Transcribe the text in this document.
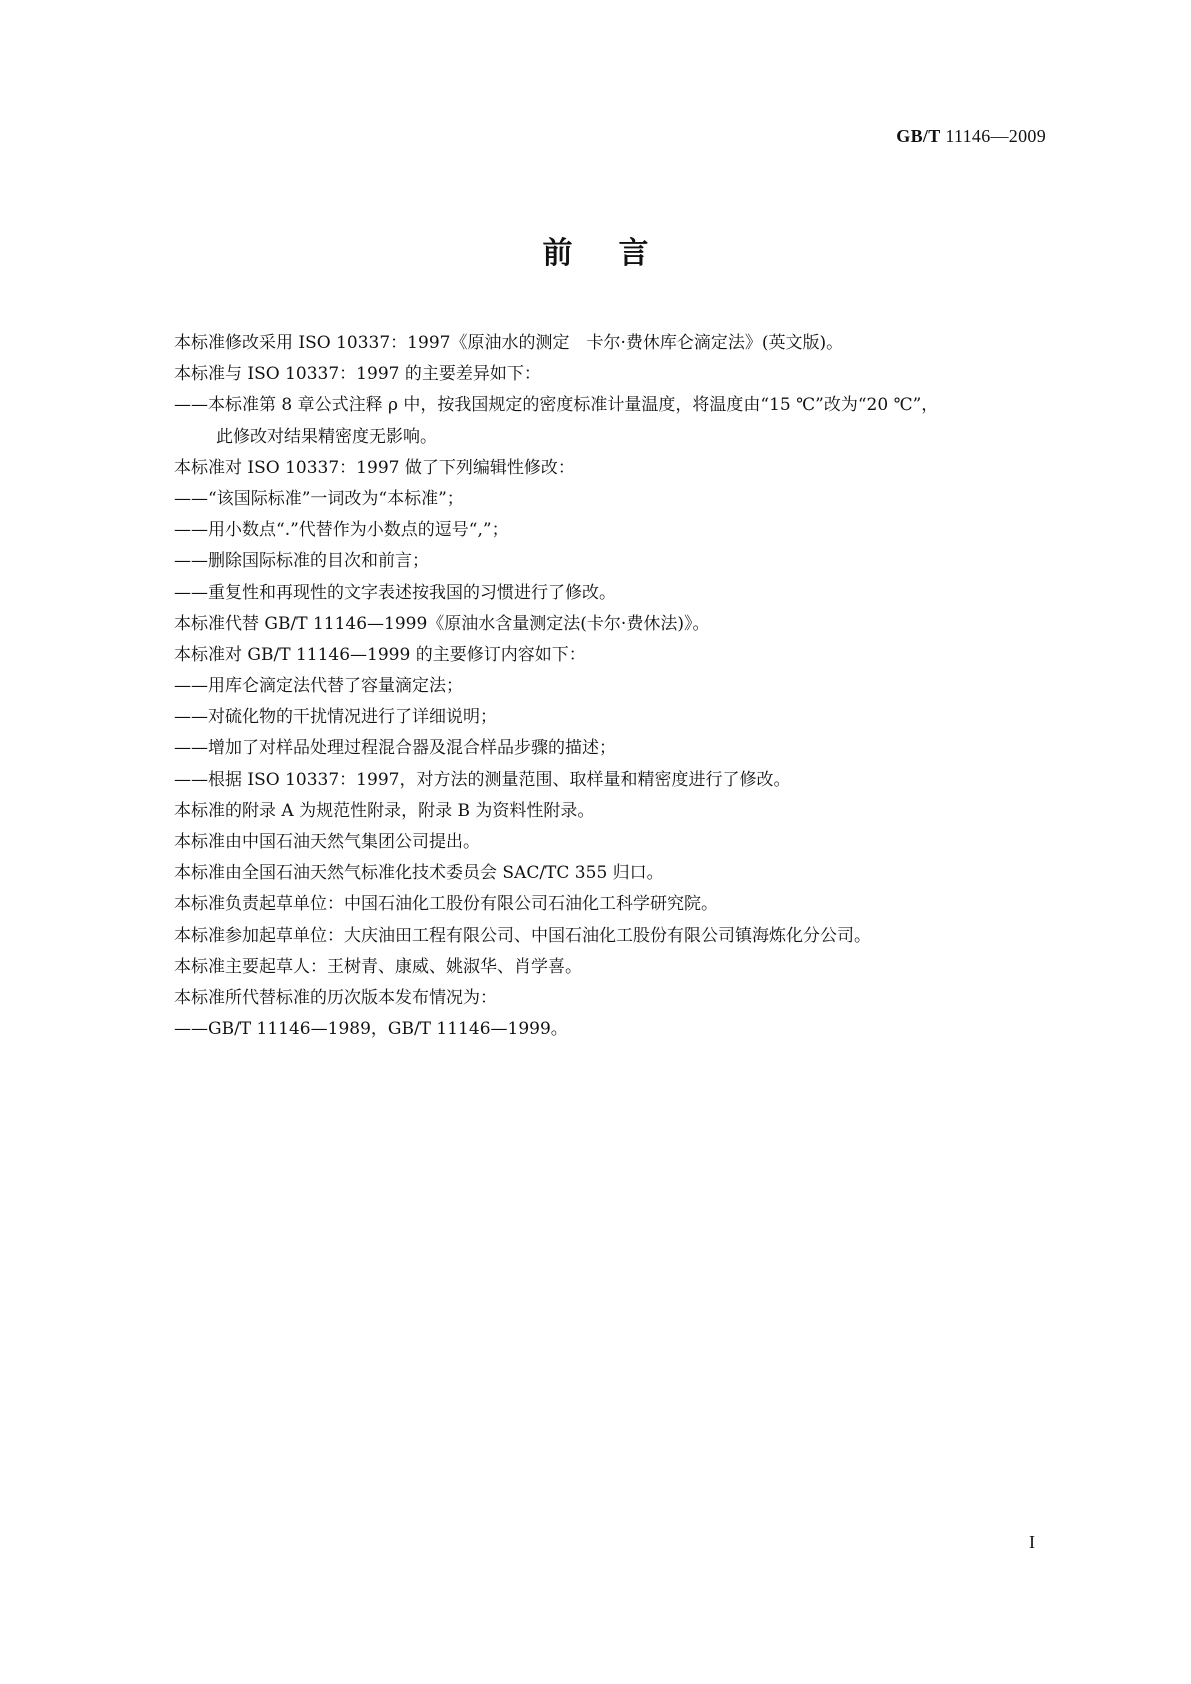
GB/T 11146—2009
前言
本标准修改采用 ISO 10337：1997《原油水的测定　卡尔·费休库仑滴定法》(英文版)。
本标准与 ISO 10337：1997 的主要差异如下：
——本标准第 8 章公式注释 ρ 中，按我国规定的密度标准计量温度，将温度由“15 ℃”改为“20 ℃”，
此修改对结果精密度无影响。
本标准对 ISO 10337：1997 做了下列编辑性修改：
——“该国际标准”一词改为“本标准”；
——用小数点“.”代替作为小数点的逗号“,”；
——删除国际标准的目次和前言；
——重复性和再现性的文字表述按我国的习惯进行了修改。
本标准代替 GB/T 11146—1999《原油水含量测定法(卡尔·费休法)》。
本标准对 GB/T 11146—1999 的主要修订内容如下：
——用库仑滴定法代替了容量滴定法；
——对硫化物的干扰情况进行了详细说明；
——增加了对样品处理过程混合器及混合样品步骤的描述；
——根据 ISO 10337：1997，对方法的测量范围、取样量和精密度进行了修改。
本标准的附录 A 为规范性附录，附录 B 为资料性附录。
本标准由中国石油天然气集团公司提出。
本标准由全国石油天然气标准化技术委员会 SAC/TC 355 归口。
本标准负责起草单位：中国石油化工股份有限公司石油化工科学研究院。
本标准参加起草单位：大庆油田工程有限公司、中国石油化工股份有限公司镇海炼化分公司。
本标准主要起草人：王树青、康威、姚淑华、肖学喜。
本标准所代替标准的历次版本发布情况为：
——GB/T 11146—1989，GB/T 11146—1999。
I
